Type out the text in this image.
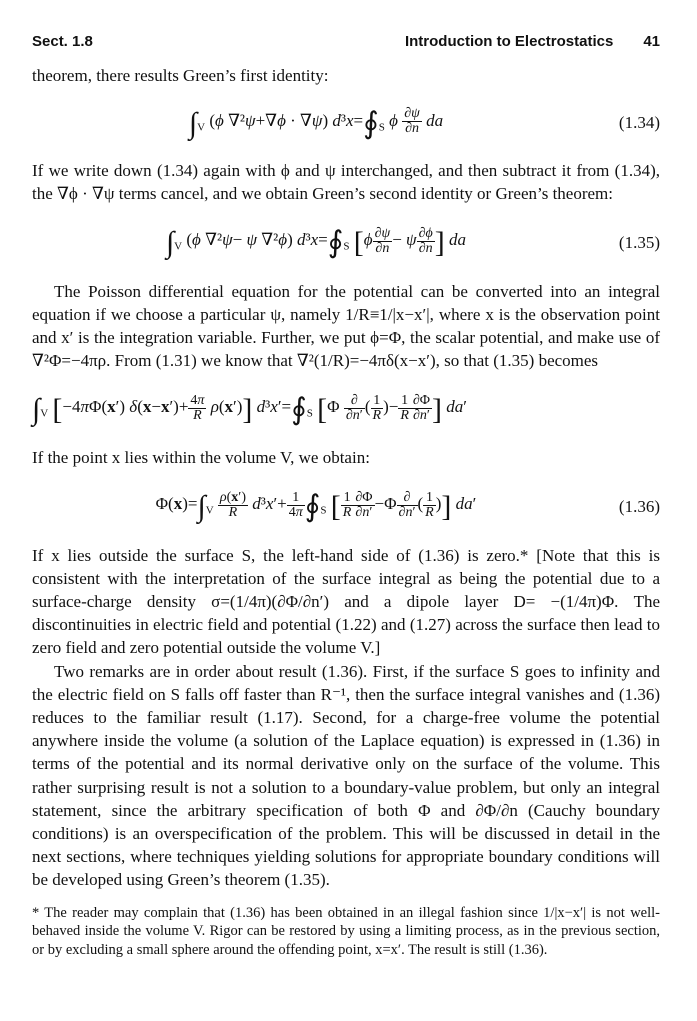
Sect. 1.8	Introduction to Electrostatics 41

theorem, there results Green’s first identity:

$\int_V$ (ϕ ∇²ψ+∇ϕ · ∇ψ) $d^3x=∮_S$ ϕ $\frac{\partial\psi}{\partial n}$ da	(1.34)

If we write down (1.34) again with ϕ and ψ interchanged, and then subtract it from (1.34), the ∇ϕ · ∇ψ terms cancel, and we obtain Green’s second identity or Green’s theorem:

$\int_V$ (ϕ ∇²ψ− ψ ∇²ϕ) $d^3x=∮_S$ [$\phi \frac{\partial\psi}{\partial n} - \psi \frac{\partial\phi}{\partial n}$ ] da	(1.35)

The Poisson differential equation for the potential can be converted into an integral equation if we choose a particular ψ, namely 1/R≡1/|x−x′|, where x is the observation point and x′ is the integration variable. Further, we put ϕ=Φ, the scalar potential, and make use of ∇²Φ=−4πρ. From (1.31) we know that ∇²(1/R)=−4πδ(x−x′), so that (1.35) becomes

$\int_V$ [−4πΦ(x′) $\delta(x-x')+ \frac{4\pi}{R} \rho(x')$] $d^3x'=∮_S$ [$\Phi \frac{\partial}{\partial n'}$ ( $\frac{1}{R}$ )− $\frac{1}{R} \frac{\partial\Phi}{\partial n'}$ ] da′

If the point x lies within the volume V, we obtain:

$\Phi(x)=\int_V \frac{\rho(x')}{R} d^3x'+ \frac{1}{4\pi}$ $∮_S$ [ $\frac{1}{R} \frac{\partial\Phi}{\partial n'} -\Phi \frac{\partial}{\partial n'}$ ( $\frac{1}{R}$ )] da′	(1.36)

If x lies outside the surface S, the left-hand side of (1.36) is zero.* [Note that this is consistent with the interpretation of the surface integral as being the potential due to a surface-charge density σ=(1/4π)(∂Φ/∂n′) and a dipole layer D= −(1/4π)Φ. The discontinuities in electric field and potential (1.22) and (1.27) across the surface then lead to zero field and zero potential outside the volume V.]

Two remarks are in order about result (1.36). First, if the surface S goes to infinity and the electric field on S falls off faster than R⁻¹, then the surface integral vanishes and (1.36) reduces to the familiar result (1.17). Second, for a charge-free volume the potential anywhere inside the volume (a solution of the Laplace equation) is expressed in (1.36) in terms of the potential and its normal derivative only on the surface of the volume. This rather surprising result is not a solution to a boundary-value problem, but only an integral statement, since the arbitrary specification of both Φ and ∂Φ/∂n (Cauchy boundary conditions) is an overspecification of the problem. This will be discussed in detail in the next sections, where techniques yielding solutions for appropriate boundary conditions will be developed using Green’s theorem (1.35).

* The reader may complain that (1.36) has been obtained in an illegal fashion since 1/|x−x′| is not well-behaved inside the volume V. Rigor can be restored by using a limiting process, as in the previous section, or by excluding a small sphere around the offending point, x=x′. The result is still (1.36).
